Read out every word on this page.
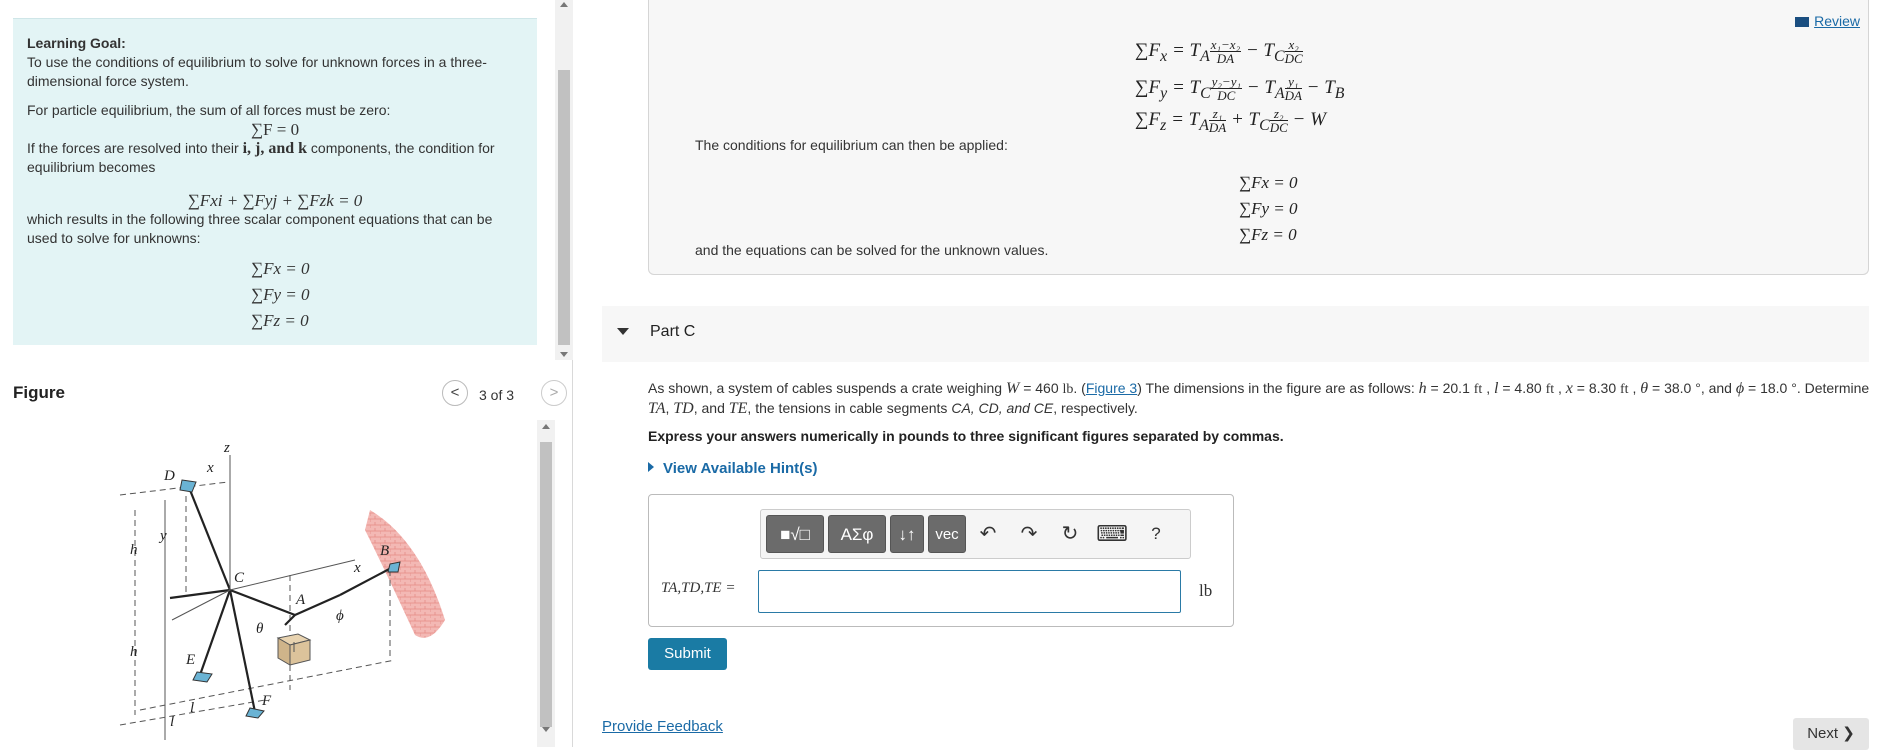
Learning Goal:

To use the conditions of equilibrium to solve for unknown forces in a three-dimensional force system.

For particle equilibrium, the sum of all forces must be zero:

∑F = 0

If the forces are resolved into their i, j, and k components, the condition for equilibrium becomes

∑Fxi + ∑Fyj + ∑Fzk = 0

which results in the following three scalar component equations that can be used to solve for unknowns:

∑Fx = 0

∑Fy = 0

∑Fz = 0

Figure	<	3 of 3	>
D
C
A
B
E
F
z
x
x
y
h
h
l
l
θ
ϕ
$\sum F_x = T_A \frac{\text{x₁−x₂}}{DA} - T_C \frac{\text{x₂}}{DC}$
$\sum F_y = T_C \frac{\text{y₂−y₁}}{DC} - T_A \frac{\text{y₁}}{DA} - T_B$
$\sum F_z = T_A \frac{\text{z₁}}{DA} + T_C \frac{\text{z₂}}{DC} - W$
The conditions for equilibrium can then be applied:
∑Fx = 0
∑Fy = 0
∑Fz = 0
and the equations can be solved for the unknown values.
Review
Part C
As shown, a system of cables suspends a crate weighing W = 460 lb. (Figure 3) The dimensions in the figure are as follows: h = 20.1 ft , l = 4.80 ft , x = 8.30 ft , θ = 38.0 °, and ϕ = 18.0 °. Determine TA, TD, and TE, the tensions in cable segments CA, CD, and CE, respectively.
Express your answers numerically in pounds to three significant figures separated by commas.
View Available Hint(s)
■√□	ΑΣφ	↓↑	vec	↶	↷	↻ ⌨	?
TA,TD,TE =	lb
Submit
Provide Feedback	Next ❯
